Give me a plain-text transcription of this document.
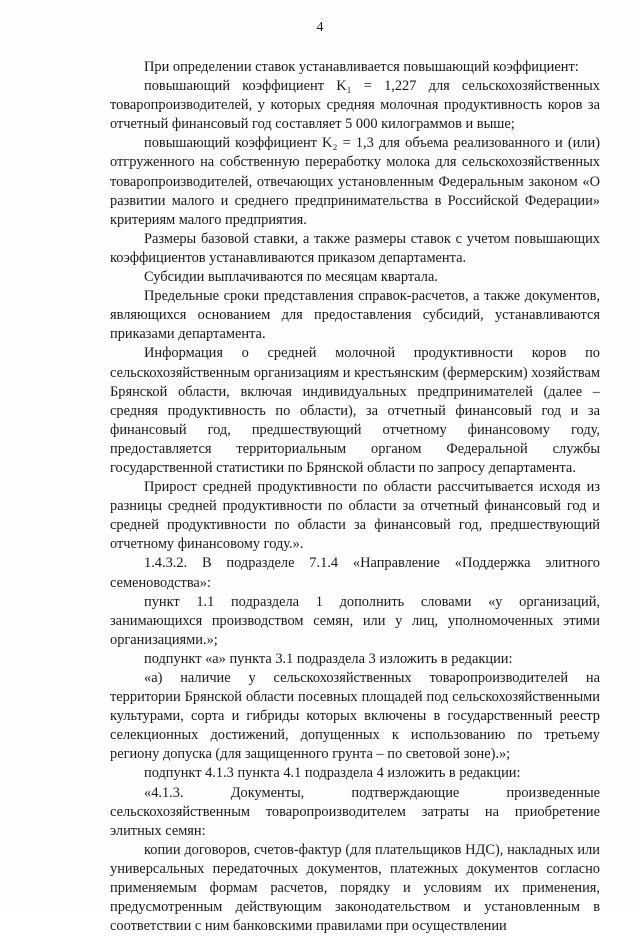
4

При определении ставок устанавливается повышающий коэффициент:

повышающий коэффициент K₁ = 1,227 для сельскохозяйственных товаропроизводителей, у которых средняя молочная продуктивность коров за отчетный финансовый год составляет 5 000 килограммов и выше;

повышающий коэффициент K₂ = 1,3 для объема реализованного и (или) отгруженного на собственную переработку молока для сельскохозяйственных товаропроизводителей, отвечающих установленным Федеральным законом «О развитии малого и среднего предпринимательства в Российской Федерации» критериям малого предприятия.

Размеры базовой ставки, а также размеры ставок с учетом повышающих коэффициентов устанавливаются приказом департамента.

Субсидии выплачиваются по месяцам квартала.

Предельные сроки представления справок-расчетов, а также документов, являющихся основанием для предоставления субсидий, устанавливаются приказами департамента.

Информация о средней молочной продуктивности коров по сельскохозяйственным организациям и крестьянским (фермерским) хозяйствам Брянской области, включая индивидуальных предпринимателей (далее – средняя продуктивность по области), за отчетный финансовый год и за финансовый год, предшествующий отчетному финансовому году, предоставляется территориальным органом Федеральной службы государственной статистики по Брянской области по запросу департамента.

Прирост средней продуктивности по области рассчитывается исходя из разницы средней продуктивности по области за отчетный финансовый год и средней продуктивности по области за финансовый год, предшествующий отчетному финансовому году.».

1.4.3.2. В подразделе 7.1.4 «Направление «Поддержка элитного семеноводства»:

пункт 1.1 подраздела 1 дополнить словами «у организаций, занимающихся производством семян, или у лиц, уполномоченных этими организациями.»;

подпункт «а» пункта 3.1 подраздела 3 изложить в редакции:

«а) наличие у сельскохозяйственных товаропроизводителей на территории Брянской области посевных площадей под сельскохозяйственными культурами, сорта и гибриды которых включены в государственный реестр селекционных достижений, допущенных к использованию по третьему региону допуска (для защищенного грунта – по световой зоне).»;

подпункт 4.1.3 пункта 4.1 подраздела 4 изложить в редакции:

«4.1.3. Документы, подтверждающие произведенные сельскохозяйственным товаропроизводителем затраты на приобретение элитных семян:

копии договоров, счетов-фактур (для плательщиков НДС), накладных или универсальных передаточных документов, платежных документов согласно применяемым формам расчетов, порядку и условиям их применения, предусмотренным действующим законодательством и установленным в соответствии с ним банковскими правилами при осуществлении
